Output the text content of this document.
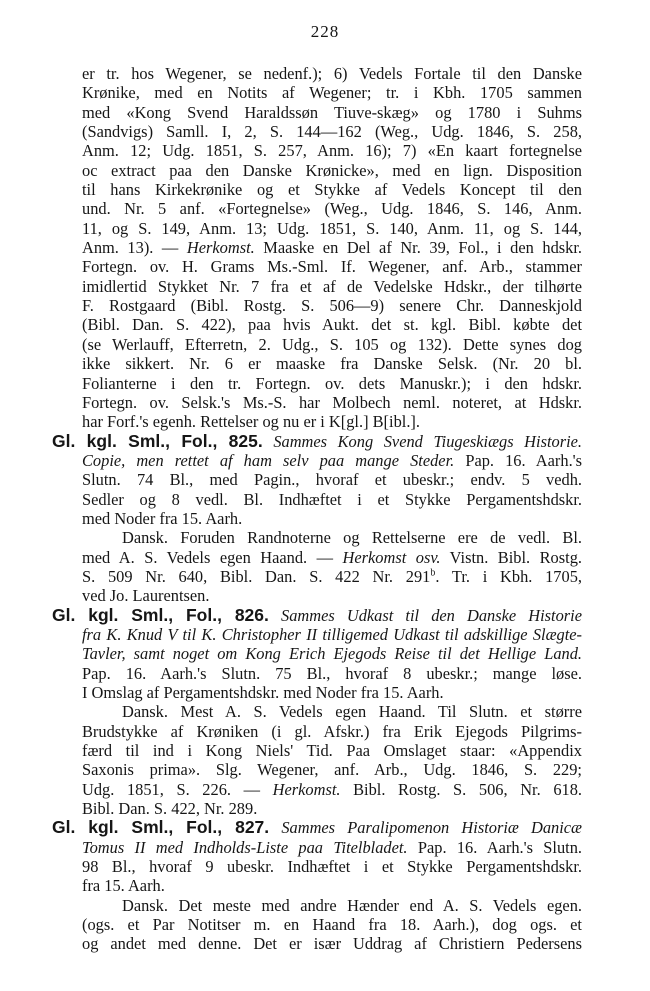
228
er tr. hos Wegener, se nedenf.); 6) Vedels Fortale til den Danske
Krønike, med en Notits af Wegener; tr. i Kbh. 1705 sammen
med «Kong Svend Haraldssøn Tiuve-skæg» og 1780 i Suhms
(Sandvigs) Samll. I, 2, S. 144—162 (Weg., Udg. 1846, S. 258,
Anm. 12; Udg. 1851, S. 257, Anm. 16); 7) «En kaart fortegnelse
oc extract paa den Danske Krønicke», med en lign. Disposition
til hans Kirkekrønike og et Stykke af Vedels Koncept til den
und. Nr. 5 anf. «Fortegnelse» (Weg., Udg. 1846, S. 146, Anm.
11, og S. 149, Anm. 13; Udg. 1851, S. 140, Anm. 11, og S. 144,
Anm. 13). — Herkomst. Maaske en Del af Nr. 39, Fol., i den hdskr.
Fortegn. ov. H. Grams Ms.-Sml. If. Wegener, anf. Arb., stammer
imidlertid Stykket Nr. 7 fra et af de Vedelske Hdskr., der tilhørte
F. Rostgaard (Bibl. Rostg. S. 506—9) senere Chr. Danneskjold
(Bibl. Dan. S. 422), paa hvis Aukt. det st. kgl. Bibl. købte det
(se Werlauff, Efterretn, 2. Udg., S. 105 og 132). Dette synes dog
ikke sikkert. Nr. 6 er maaske fra Danske Selsk. (Nr. 20 bl.
Folianterne i den tr. Fortegn. ov. dets Manuskr.); i den hdskr.
Fortegn. ov. Selsk.'s Ms.-S. har Molbech neml. noteret, at Hdskr.
har Forf.'s egenh. Rettelser og nu er i K[gl.] B[ibl.].
Gl. kgl. Sml., Fol., 825. Sammes Kong Svend Tiugeskiægs Historie.
Copie, men rettet af ham selv paa mange Steder. Pap. 16. Aarh.'s
Slutn. 74 Bl., med Pagin., hvoraf et ubeskr.; endv. 5 vedh.
Sedler og 8 vedl. Bl. Indhæftet i et Stykke Pergamentshdskr.
med Noder fra 15. Aarh.
Dansk. Foruden Randnoterne og Rettelserne ere de vedl. Bl.
med A. S. Vedels egen Haand. — Herkomst osv. Vistn. Bibl. Rostg.
S. 509 Nr. 640, Bibl. Dan. S. 422 Nr. 291$^b$. Tr. i Kbh. 1705,
ved Jo. Laurentsen.
Gl. kgl. Sml., Fol., 826. Sammes Udkast til den Danske Historie
fra K. Knud V til K. Christopher II tilligemed Udkast til adskillige Slægte-
Tavler, samt noget om Kong Erich Ejegods Reise til det Hellige Land.
Pap. 16. Aarh.'s Slutn. 75 Bl., hvoraf 8 ubeskr.; mange løse.
I Omslag af Pergamentshdskr. med Noder fra 15. Aarh.
Dansk. Mest A. S. Vedels egen Haand. Til Slutn. et større
Brudstykke af Krøniken (i gl. Afskr.) fra Erik Ejegods Pilgrims-
færd til ind i Kong Niels' Tid. Paa Omslaget staar: «Appendix
Saxonis prima». Slg. Wegener, anf. Arb., Udg. 1846, S. 229;
Udg. 1851, S. 226. — Herkomst. Bibl. Rostg. S. 506, Nr. 618.
Bibl. Dan. S. 422, Nr. 289.
Gl. kgl. Sml., Fol., 827. Sammes Paralipomenon Historiæ Danicæ
Tomus II med Indholds-Liste paa Titelbladet. Pap. 16. Aarh.'s Slutn.
98 Bl., hvoraf 9 ubeskr. Indhæftet i et Stykke Pergamentshdskr.
fra 15. Aarh.
Dansk. Det meste med andre Hænder end A. S. Vedels egen.
(ogs. et Par Notitser m. en Haand fra 18. Aarh.), dog ogs. et
og andet med denne. Det er især Uddrag af Christiern Pedersens
